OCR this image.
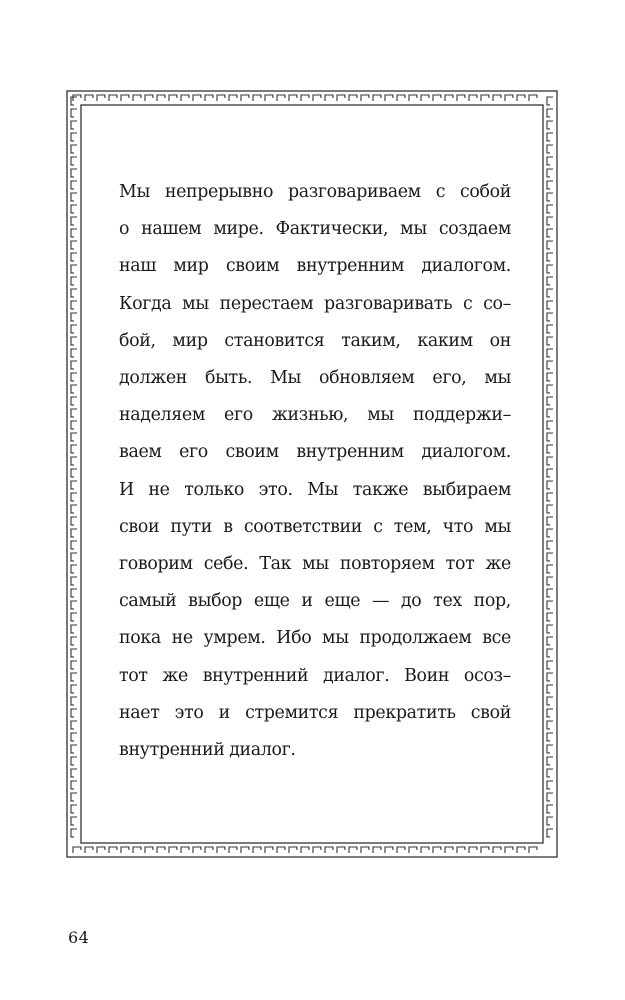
Мы непрерывно разговариваем с собой
о нашем мире. Фактически, мы создаем
наш мир своим внутренним диалогом.
Когда мы перестаем разговаривать с со–
бой, мир становится таким, каким он
должен быть. Мы обновляем его, мы
наделяем его жизнью, мы поддержи–
ваем его своим внутренним диалогом.
И не только это. Мы также выбираем
свои пути в соответствии с тем, что мы
говорим себе. Так мы повторяем тот же
самый выбор еще и еще — до тех пор,
пока не умрем. Ибо мы продолжаем все
тот же внутренний диалог. Воин осоз–
нает это и стремится прекратить свой
внутренний диалог.
64
